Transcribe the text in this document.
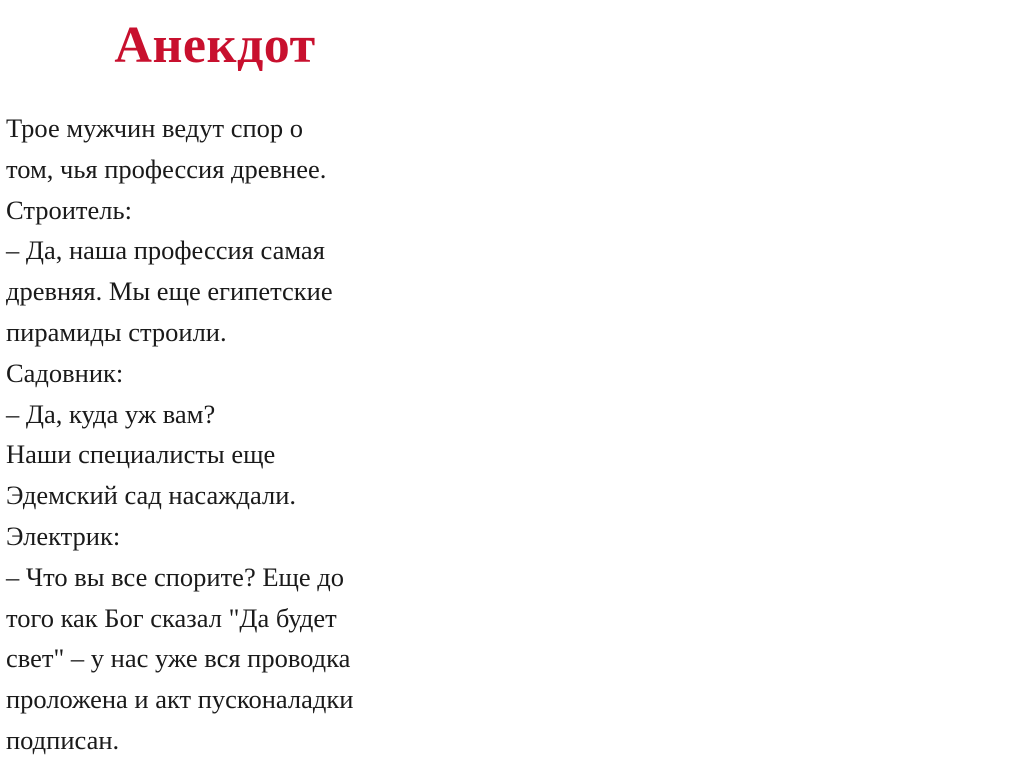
Анекдот
Трое мужчин ведут спор о
том, чья профессия древнее.
Строитель:
– Да, наша профессия самая
древняя. Мы еще египетские
пирамиды строили.
Садовник:
– Да, куда уж вам?
Наши специалисты еще
Эдемский сад насаждали.
Электрик:
– Что вы все спорите? Еще до
того как Бог сказал "Да будет
свет" – у нас уже вся проводка
проложена и акт пусконаладки
подписан.
